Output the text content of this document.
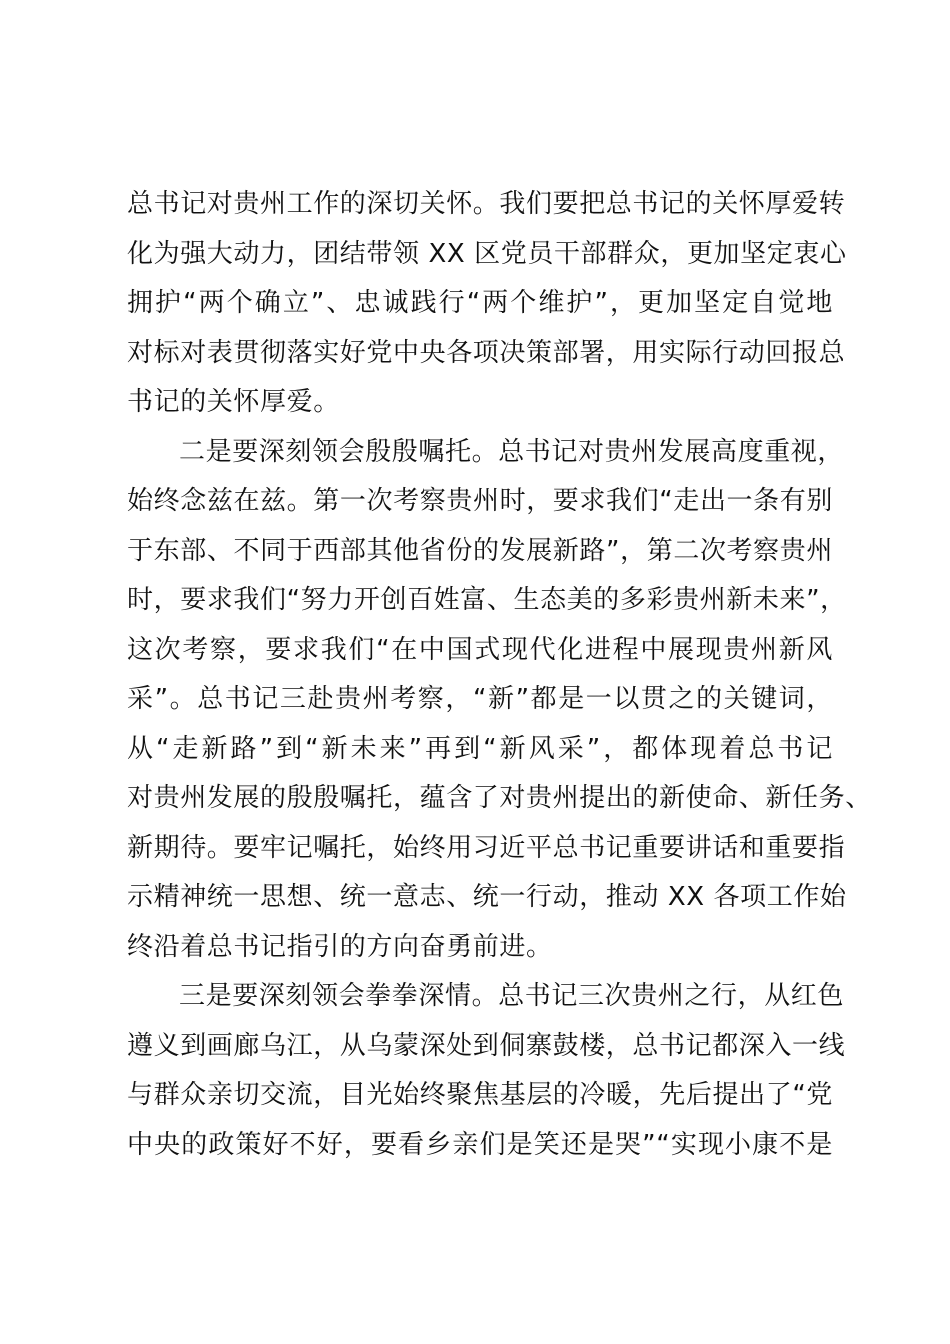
总书记对贵州工作的深切关怀。我们要把总书记的关怀厚爱转
化为强大动力，团结带领 XX 区党员干部群众，更加坚定衷心
拥护“两个确立”、忠诚践行“两个维护”，更加坚定自觉地
对标对表贯彻落实好党中央各项决策部署，用实际行动回报总
书记的关怀厚爱。
二是要深刻领会殷殷嘱托。总书记对贵州发展高度重视，
始终念兹在兹。第一次考察贵州时，要求我们“走出一条有别
于东部、不同于西部其他省份的发展新路”，第二次考察贵州
时，要求我们“努力开创百姓富、生态美的多彩贵州新未来”，
这次考察，要求我们“在中国式现代化进程中展现贵州新风
采”。总书记三赴贵州考察，“新”都是一以贯之的关键词，
从“走新路”到“新未来”再到“新风采”，都体现着总书记
对贵州发展的殷殷嘱托，蕴含了对贵州提出的新使命、新任务、
新期待。要牢记嘱托，始终用习近平总书记重要讲话和重要指
示精神统一思想、统一意志、统一行动，推动 XX 各项工作始
终沿着总书记指引的方向奋勇前进。
三是要深刻领会拳拳深情。总书记三次贵州之行，从红色
遵义到画廊乌江，从乌蒙深处到侗寨鼓楼，总书记都深入一线
与群众亲切交流，目光始终聚焦基层的冷暖，先后提出了“党
中央的政策好不好，要看乡亲们是笑还是哭”“实现小康不是
